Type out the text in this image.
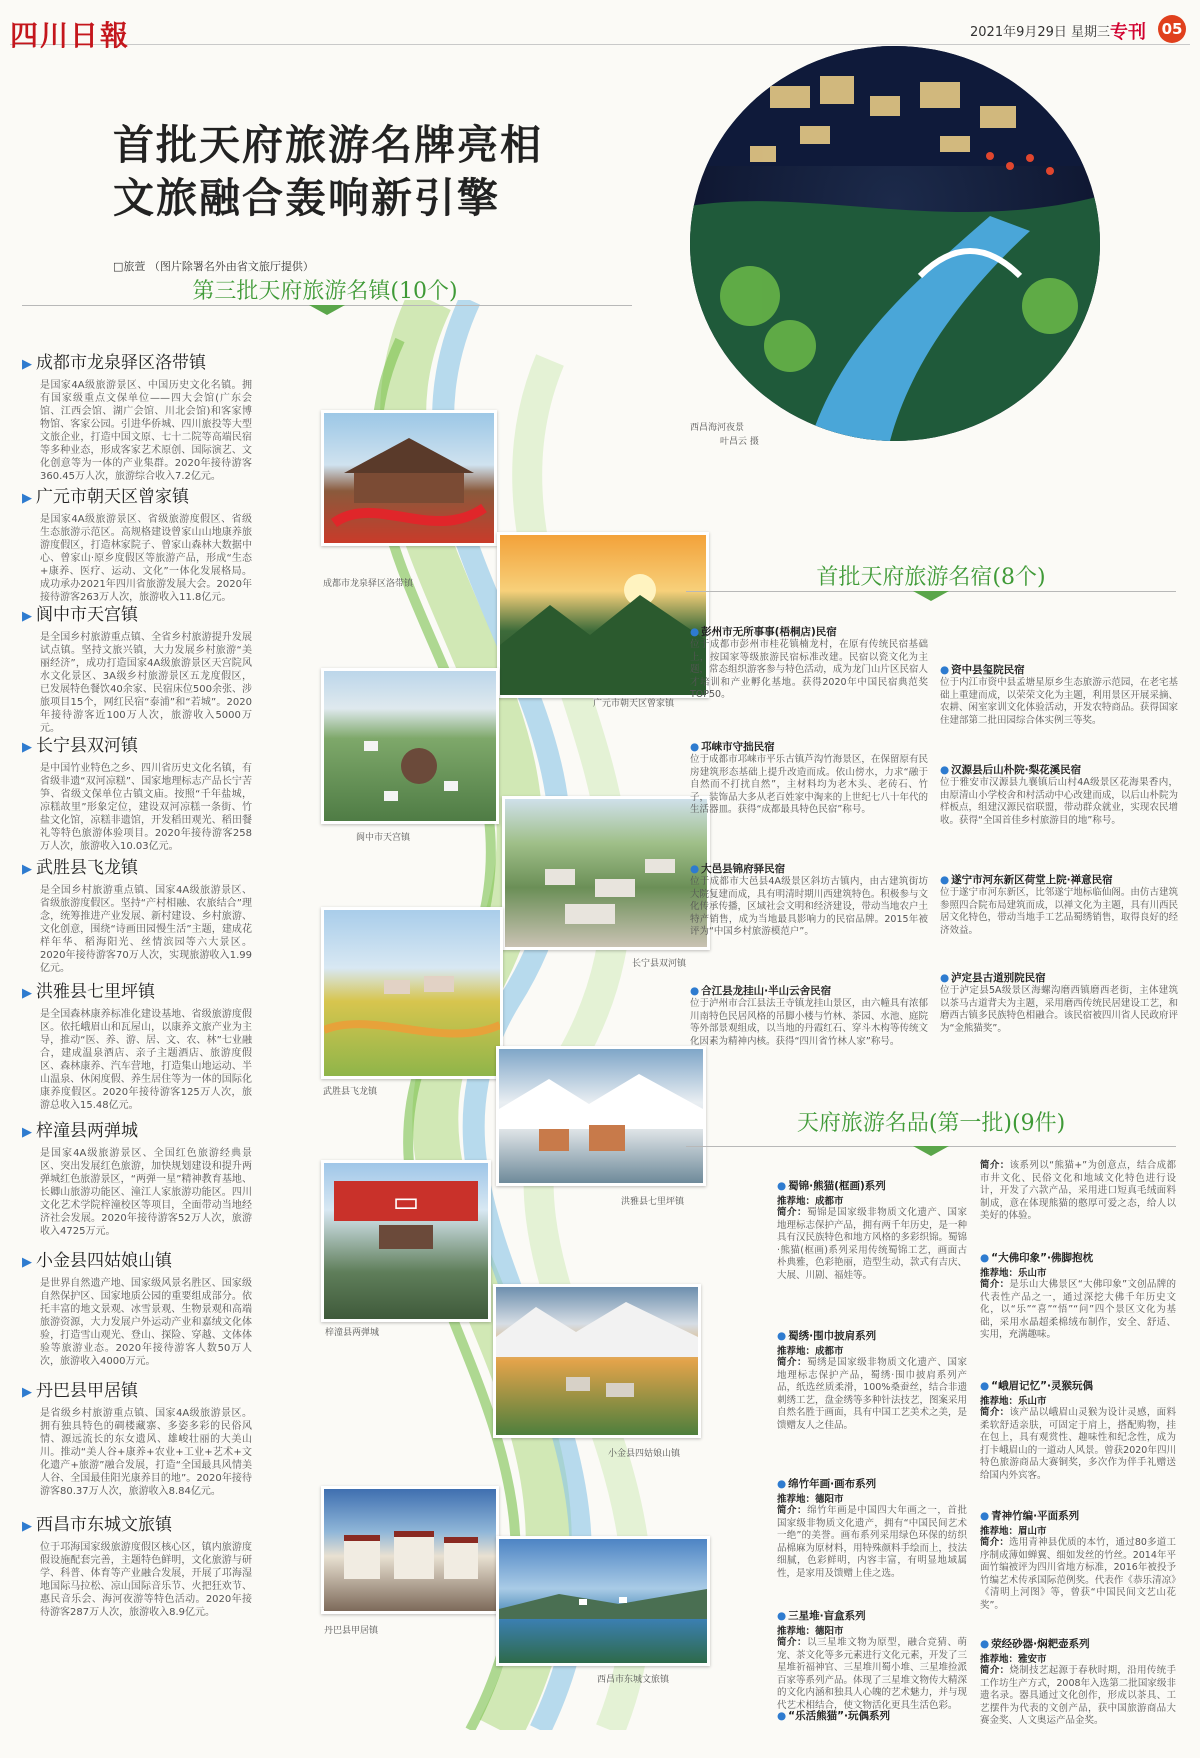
四川日報	2021年9月29日 星期三 专刊 05
首批天府旅游名牌亮相
文旅融合轰响新引擎
□旅萱 （图片除署名外由省文旅厅提供）
西昌海河夜景
叶昌云 摄
第三批天府旅游名镇(10个)
▶ 成都市龙泉驿区洛带镇
是国家4A级旅游景区、中国历史文化名镇。拥有国家级重点文保单位——四大会馆(广东会馆、江西会馆、湖广会馆、川北会馆)和客家博物馆、客家公园。引进华侨城、四川旅投等大型文旅企业，打造中国文原、七十二院等高端民宿等多种业态，形成客家艺术原创、国际演艺、文化创意等为一体的产业集群。2020年接待游客360.45万人次，旅游综合收入7.2亿元。
▶ 广元市朝天区曾家镇
是国家4A级旅游景区、省级旅游度假区、省级生态旅游示范区。高规格建设曾家山山地康养旅游度假区，打造林家院子、曾家山森林大数据中心、曾家山·原乡度假区等旅游产品，形成“生态+康养、医疗、运动、文化”一体化发展格局。成功承办2021年四川省旅游发展大会。2020年接待游客263万人次，旅游收入11.8亿元。
▶ 阆中市天宫镇
是全国乡村旅游重点镇、全省乡村旅游提升发展试点镇。坚持文旅兴镇，大力发展乡村旅游“美丽经济”，成功打造国家4A级旅游景区天宫院风水文化景区、3A级乡村旅游景区五龙度假区，已发展特色餐饮40余家、民宿床位500余张、涉旅项目15个，网红民宿“泰浦”和“若城”。2020年接待游客近100万人次，旅游收入5000万元。
▶ 长宁县双河镇
是中国竹业特色之乡、四川省历史文化名镇，有省级非遗“双河凉糕”、国家地理标志产品长宁苦笋、省级文保单位古镇文庙。按照“千年盐城，凉糕故里”形象定位，建设双河凉糕一条街、竹盐文化馆，凉糕非遗馆，开发稻田观光、稻田餐礼等特色旅游体验项目。2020年接待游客258万人次，旅游收入10.03亿元。
▶ 武胜县飞龙镇
是全国乡村旅游重点镇、国家4A级旅游景区、省级旅游度假区。坚持“产村相融、农旅结合”理念，统筹推进产业发展、新村建设、乡村旅游、文化创意，围绕“诗画田园慢生活”主题，建成花样年华、稻海阳光、丝情滨园等六大景区。2020年接待游客70万人次，实现旅游收入1.99亿元。
▶ 洪雅县七里坪镇
是全国森林康养标准化建设基地、省级旅游度假区。依托峨眉山和瓦屋山，以康养文旅产业为主导，推动“医、养、游、居、文、农、林”七业融合，建成温泉酒店、亲子主题酒店、旅游度假区、森林康养、汽车营地，打造集山地运动、半山温泉、休闲度假、养生居住等为一体的国际化康养度假区。2020年接待游客125万人次，旅游总收入15.48亿元。
▶ 梓潼县两弹城
是国家4A级旅游景区、全国红色旅游经典景区、突出发展红色旅游，加快规划建设和提升两弹城红色旅游景区，“两弹一星”精神教育基地、长卿山旅游功能区、潼江人家旅游功能区。四川文化艺术学院梓潼校区等项目，全面带动当地经济社会发展。2020年接待游客52万人次，旅游收入4725万元。
▶ 小金县四姑娘山镇
是世界自然遗产地、国家级风景名胜区、国家级自然保护区、国家地质公园的重要组成部分。依托丰富的地文景观、冰雪景观、生物景观和高端旅游资源，大力发展户外运动产业和嘉绒文化体验，打造雪山观光、登山、探险、穿越、文体体验等旅游业态。2020年接待游客人数50万人次，旅游收入4000万元。
▶ 丹巴县甲居镇
是省级乡村旅游重点镇、国家4A级旅游景区。拥有独具特色的碉楼藏寨、多姿多彩的民俗风情、源远流长的东女遗风、雄峻壮丽的大美山川。推动“美人谷+康养+农业+工业+艺术+文化遗产+旅游”融合发展，打造“全国最具风情美人谷、全国最佳阳光康养目的地”。2020年接待游客80.37万人次，旅游收入8.84亿元。
▶ 西昌市东城文旅镇
位于邛海国家级旅游度假区核心区，镇内旅游度假设施配套完善，主题特色鲜明，文化旅游与研学、科普、体育等产业融合发展，开展了邛海湿地国际马拉松、凉山国际音乐节、火把狂欢节、惠民音乐会、海河夜游等特色活动。2020年接待游客287万人次，旅游收入8.9亿元。
成都市龙泉驿区洛带镇
广元市朝天区曾家镇
阆中市天宫镇
长宁县双河镇
武胜县飞龙镇
洪雅县七里坪镇
▭
梓潼县两弹城
小金县四姑娘山镇
丹巴县甲居镇
西昌市东城文旅镇
首批天府旅游名宿(8个)
● 彭州市无所事事(梧桐店)民宿
位于成都市彭州市桂花镇楠龙村，在原有传统民宿基础上，按国家等级旅游民宿标准改建。民宿以瓷文化为主题，常态组织游客参与特色活动，成为龙门山片区民宿人才培训和产业孵化基地。获得2020年中国民宿典范奖TOP50。
● 邛崃市守拙民宿
位于成都市邛崃市平乐古镇芦沟竹海景区，在保留原有民房建筑形态基础上提升改造而成。依山傍水，力求“融于自然而不打扰自然”，主材料均为老木头、老砖石、竹子，装饰品大多从老百姓家中淘来的上世纪七八十年代的生活器皿。获得“成都最具特色民宿”称号。
● 大邑县锦府驿民宿
位于成都市大邑县4A级景区斜坊古镇内，由古建筑街坊大院复建而成，具有明清时期川西建筑特色。积极参与文化传承传播，区域社会文明和经济建设，带动当地农户土特产销售，成为当地最具影响力的民宿品牌。2015年被评为“中国乡村旅游模范户”。
● 合江县龙挂山·半山云舍民宿
位于泸州市合江县法王寺镇龙挂山景区，由六幢具有浓郁川南特色民居风格的吊脚小楼与竹林、茶园、水池、庭院等外部景观组成，以当地的丹霞红石、穿斗木构等传统文化因素为精神内核。获得“四川省竹林人家”称号。
● 资中县玺院民宿
位于内江市资中县孟塘星原乡生态旅游示范园，在老宅基础上重建而成，以荣荣文化为主题，利用景区开展采摘、农耕、闲室家训文化体验活动，开发农特商品。获得国家住建部第二批田园综合体实例三等奖。
● 汉源县后山朴院·梨花溪民宿
位于雅安市汉源县九襄镇后山村4A级景区花海果香内，由原清山小学校舍和村活动中心改建而成，以后山朴院为样板点，组建汉源民宿联盟，带动群众就业，实现农民增收。获得“全国首佳乡村旅游目的地”称号。
● 遂宁市河东新区荷堂上院·禅意民宿
位于遂宁市河东新区，比邻遂宁地标临仙阁。由仿古建筑参照四合院布局建筑而成，以禅文化为主题，具有川西民居文化特色，带动当地手工艺品蜀绣销售，取得良好的经济效益。
● 泸定县古道别院民宿
位于泸定县5A级景区海螺沟磨西镇磨西老街，主体建筑以茶马古道背夫为主题，采用磨西传统民居建设工艺，和磨西古镇多民族特色相融合。该民宿被四川省人民政府评为“金熊猫奖”。
天府旅游名品(第一批)(9件)
● 蜀锦·熊猫(框画)系列
推荐地：成都市
简介：蜀锦是国家级非物质文化遗产、国家地理标志保护产品，拥有两千年历史，是一种具有汉民族特色和地方风格的多彩织锦。蜀锦·熊猫(框画)系列采用传统蜀锦工艺，画面古朴典雅，色彩艳丽，造型生动，款式有吉庆、大展、川剧、福娃等。
● 蜀绣·围巾披肩系列
推荐地：成都市
简介：蜀绣是国家级非物质文化遗产、国家地理标志保护产品，蜀绣·围巾披肩系列产品，纸选丝质柔滑，100%桑蚕丝，结合非遗刺绣工艺，盘金绣等多种针法技艺，图案采用自然名胜于画面，具有中国工艺美术之美，是馈赠友人之佳品。
● 绵竹年画·画布系列
推荐地：德阳市
简介：绵竹年画是中国四大年画之一，首批国家级非物质文化遗产，拥有“中国民间艺术一绝”的美誉。画布系列采用绿色环保的纺织品棉麻为原材料，用特殊颜料手绘而上，技法细腻，色彩鲜明，内容丰富，有明显地域属性，是家用及馈赠上佳之选。
● 三星堆·盲盒系列
推荐地：德阳市
简介：以三星堆文物为原型，融合竞猜、萌宠、茶文化等多元素进行文化元素，开发了三星堆祈福神官、三星堆川蜀小堆、三星堆捡派百家等系列产品。体现了三星堆文物传大精深的文化内涵和独具人心魄的艺术魅力，并与现代艺术相结合，使文物活化更具生活色彩。
简介：该系列以“熊猫+”为创意点，结合成都市井文化、民俗文化和地域文化特色进行设计，开发了六款产品，采用进口短真毛绒面料制成，意在体现熊猫的憨厚可爱之态，给人以美好的体验。
● “大佛印象”·佛脚抱枕
推荐地：乐山市
简介：是乐山大佛景区“大佛印象”文创品牌的代表性产品之一，通过深挖大佛千年历史文化，以“乐”“喜”“悟”“问”四个景区文化为基础，采用水晶超柔棉绒布制作，安全、舒适、实用，充满趣味。
● “峨眉记忆”·灵猴玩偶
推荐地：乐山市
简介：该产品以峨眉山灵猴为设计灵感，面料柔软舒适亲肤，可固定于肩上，搭配购物，挂在包上，具有观赏性、趣味性和纪念性，成为打卡峨眉山的一道动人风景。曾获2020年四川特色旅游商品大赛铜奖，多次作为伴手礼赠送给国内外宾客。
● 青神竹编·平面系列
推荐地：眉山市
简介：选用青神县优质的本竹，通过80多道工序制成薄如蝉翼、细如发丝的竹丝。2014年平面竹编被评为四川省地方标准，2016年被投予竹编艺术传承国际范例奖。代表作《恭乐清凉》《清明上河图》等，曾获“中国民间文艺山花奖”。
● 荥经砂器·焖耙壶系列
推荐地：雅安市
简介：烧制技艺起源于春秋时期，沿用传统手工作坊生产方式，2008年入选第二批国家级非遗名录。器具通过文化创作，形成以茶具、工艺摆件为代表的文创产品，获中国旅游商品大赛金奖、人文奥运产品金奖。
● “乐活熊猫”·玩偶系列
